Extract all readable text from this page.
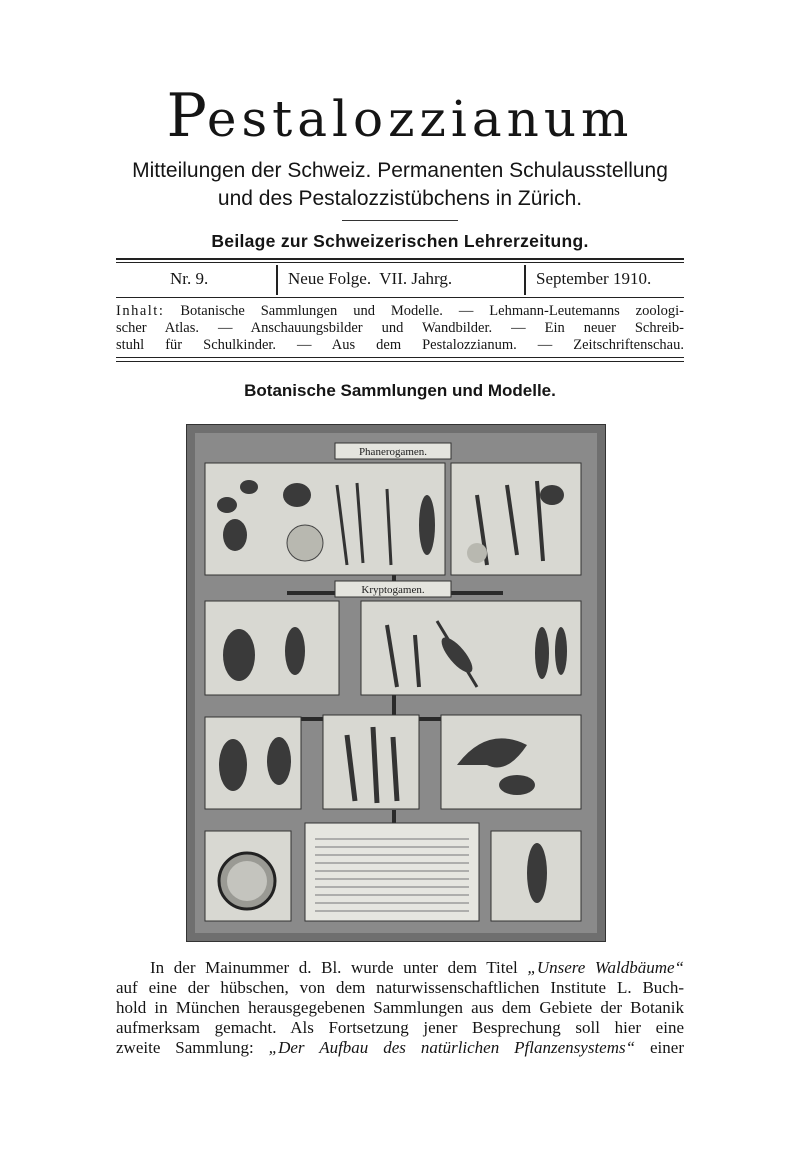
Pestalozzianum
Mitteilungen der Schweiz. Permanenten Schulausstellung
und des Pestalozzistübchens in Zürich.
Beilage zur Schweizerischen Lehrerzeitung.
Nr. 9.	Neue Folge.  VII. Jahrg.	September 1910.
Inhalt: Botanische Sammlungen und Modelle. — Lehmann-Leutemanns zoologi-
scher Atlas. — Anschauungsbilder und Wandbilder. — Ein neuer Schreib-
stuhl für Schulkinder. — Aus dem Pestalozzianum. — Zeitschriftenschau.
Botanische Sammlungen und Modelle.
Phanerogamen.
Kryptogamen.
In der Mainummer d. Bl. wurde unter dem Titel „Unsere Waldbäume“
auf eine der hübschen, von dem naturwissenschaftlichen Institute L. Buch-
hold in München herausgegebenen Sammlungen aus dem Gebiete der Botanik
aufmerksam gemacht. Als Fortsetzung jener Besprechung soll hier eine
zweite Sammlung: „Der Aufbau des natürlichen Pflanzensystems“ einer
